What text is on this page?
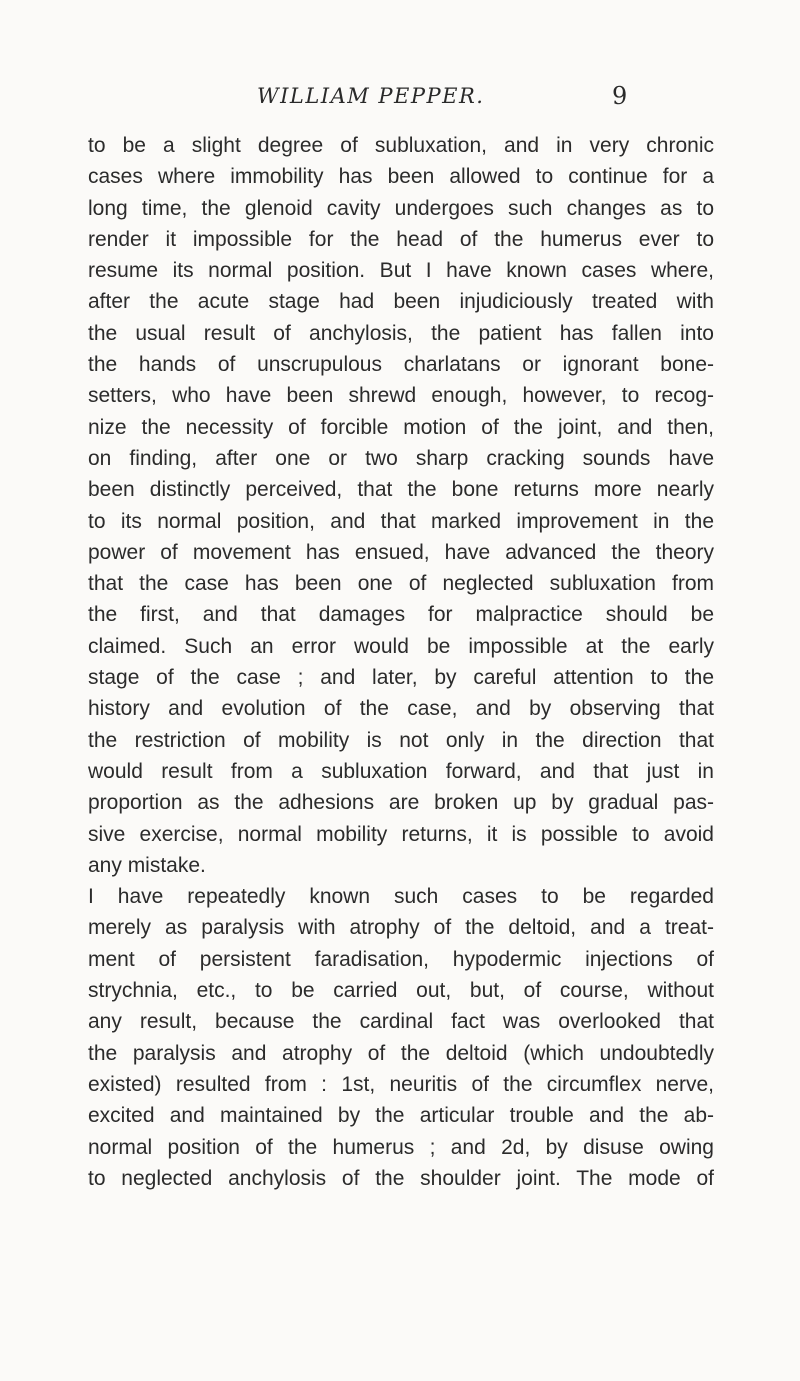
WILLIAM PEPPER.	9
to be a slight degree of subluxation, and in very chronic
cases where immobility has been allowed to continue for a
long time, the glenoid cavity undergoes such changes as to
render it impossible for the head of the humerus ever to
resume its normal position. But I have known cases where,
after the acute stage had been injudiciously treated with
the usual result of anchylosis, the patient has fallen into
the hands of unscrupulous charlatans or ignorant bone-
setters, who have been shrewd enough, however, to recog-
nize the necessity of forcible motion of the joint, and then,
on finding, after one or two sharp cracking sounds have
been distinctly perceived, that the bone returns more nearly
to its normal position, and that marked improvement in the
power of movement has ensued, have advanced the theory
that the case has been one of neglected subluxation from
the first, and that damages for malpractice should be
claimed. Such an error would be impossible at the early
stage of the case ; and later, by careful attention to the
history and evolution of the case, and by observing that
the restriction of mobility is not only in the direction that
would result from a subluxation forward, and that just in
proportion as the adhesions are broken up by gradual pas-
sive exercise, normal mobility returns, it is possible to avoid
any mistake.
I have repeatedly known such cases to be regarded
merely as paralysis with atrophy of the deltoid, and a treat-
ment of persistent faradisation, hypodermic injections of
strychnia, etc., to be carried out, but, of course, without
any result, because the cardinal fact was overlooked that
the paralysis and atrophy of the deltoid (which undoubtedly
existed) resulted from : 1st, neuritis of the circumflex nerve,
excited and maintained by the articular trouble and the ab-
normal position of the humerus ; and 2d, by disuse owing
to neglected anchylosis of the shoulder joint. The mode of
